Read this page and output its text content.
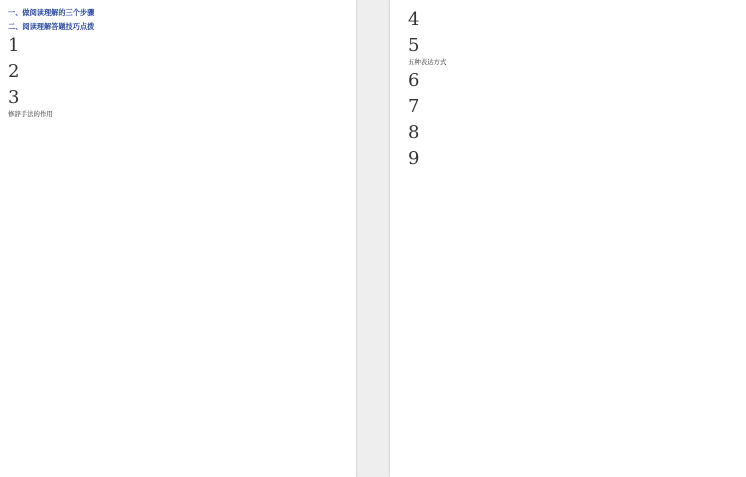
一、做阅读理解的三个步骤
二、阅读理解答题技巧点拨
1
2
3
修辞手法的作用
4
5
五种表达方式
6
7
8
9
